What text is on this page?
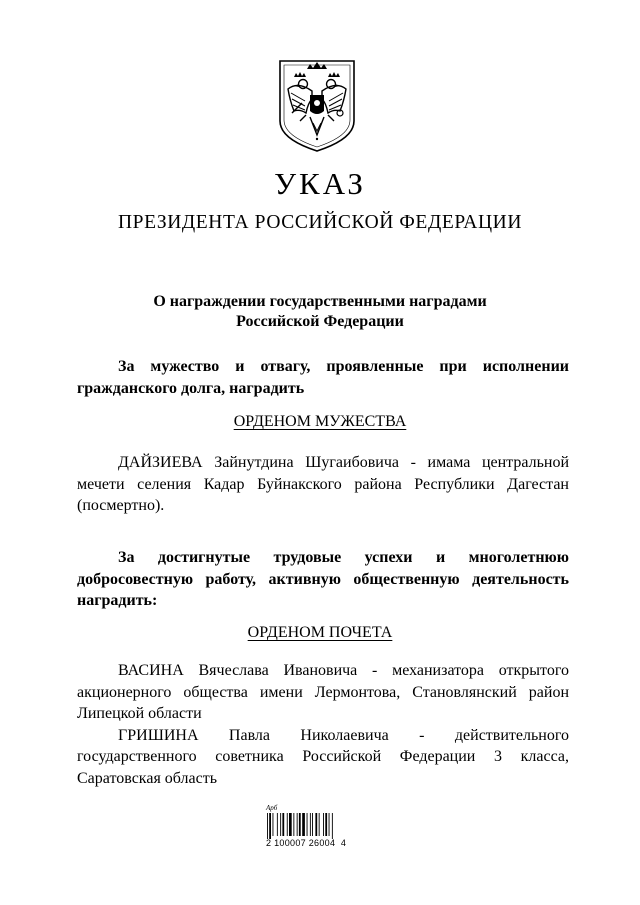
УКАЗ
ПРЕЗИДЕНТА РОССИЙСКОЙ ФЕДЕРАЦИИ
О награждении государственными наградами
Российской Федерации
За мужество и отвагу, проявленные при исполнении
гражданского долга, наградить
ОРДЕНОМ МУЖЕСТВА
ДАЙЗИЕВА Зайнутдина Шугаибовича - имама центральной
мечети селения Кадар Буйнакского района Республики Дагестан
(посмертно).
За достигнутые трудовые успехи и многолетнюю
добросовестную работу, активную общественную деятельность
наградить:
ОРДЕНОМ ПОЧЕТА
ВАСИНА Вячеслава Ивановича - механизатора открытого
акционерного общества имени Лермонтова, Становлянский район
Липецкой области
ГРИШИНА Павла Николаевича - действительного
государственного советника Российской Федерации 3 класса,
Саратовская область
Арб
2 100007 26004  4
